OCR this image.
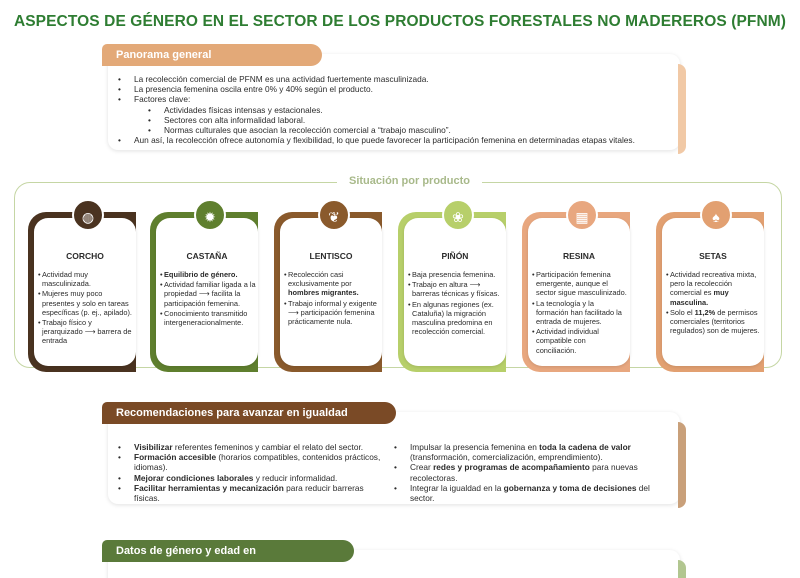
ASPECTOS DE GÉNERO EN EL SECTOR DE LOS PRODUCTOS FORESTALES NO MADEREROS (PFNM)
Panorama general
• La recolección comercial de PFNM es una actividad fuertemente masculinizada.
• La presencia femenina oscila entre 0% y 40% según el producto.
• Factores clave:
• Actividades físicas intensas y estacionales.
• Sectores con alta informalidad laboral.
• Normas culturales que asocian la recolección comercial a “trabajo masculino”.
• Aun así, la recolección ofrece autonomía y flexibilidad, lo que puede favorecer la participación femenina en determinadas etapas vitales.
Situación por producto
◍
CORCHO
• Actividad muy masculinizada.
• Mujeres muy poco presentes y solo en tareas específicas (p. ej., apilado).
• Trabajo físico y jerarquizado ⟶ barrera de entrada
✹
CASTAÑA
• Equilibrio de género.
• Actividad familiar ligada a la propiedad ⟶ facilita la participación femenina.
• Conocimiento transmitido intergeneracionalmente.
❦
LENTISCO
• Recolección casi exclusivamente por hombres migrantes.
• Trabajo informal y exigente ⟶ participación femenina prácticamente nula.
❀
PIÑÓN
• Baja presencia femenina.
• Trabajo en altura ⟶ barreras técnicas y físicas.
• En algunas regiones (ex. Cataluña) la migración masculina predomina en recolección comercial.
▦
RESINA
• Participación femenina emergente, aunque el sector sigue masculinizado.
• La tecnología y la formación han facilitado la entrada de mujeres.
• Actividad individual compatible con conciliación.
♠
SETAS
• Actividad recreativa mixta, pero la recolección comercial es muy masculina.
• Solo el 11,2% de permisos comerciales (territorios regulados) son de mujeres.
Recomendaciones para avanzar en igualdad
• Visibilizar referentes femeninos y cambiar el relato del sector.
• Formación accesible (horarios compatibles, contenidos prácticos, idiomas).
• Mejorar condiciones laborales y reducir informalidad.
• Facilitar herramientas y mecanización para reducir barreras físicas.
• Impulsar la presencia femenina en toda la cadena de valor (transformación, comercialización, emprendimiento).
• Crear redes y programas de acompañamiento para nuevas recolectoras.
• Integrar la igualdad en la gobernanza y toma de decisiones del sector.
Datos de género y edad en IMFOREST
